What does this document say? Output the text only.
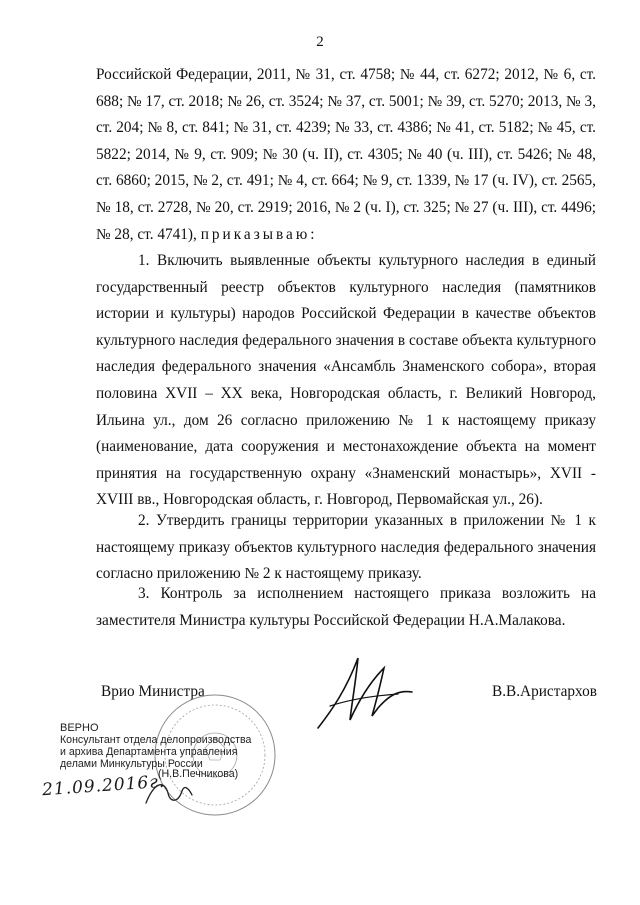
2

Российской Федерации, 2011, № 31, ст. 4758; № 44, ст. 6272; 2012, № 6, ст. 688; № 17, ст. 2018; № 26, ст. 3524; № 37, ст. 5001; № 39, ст. 5270; 2013, № 3, ст. 204; № 8, ст. 841; № 31, ст. 4239; № 33, ст. 4386; № 41, ст. 5182; № 45, ст. 5822; 2014, № 9, ст. 909; № 30 (ч. II), ст. 4305; № 40 (ч. III), ст. 5426; № 48, ст. 6860; 2015, № 2, ст. 491; № 4, ст. 664; № 9, ст. 1339, № 17 (ч. IV), ст. 2565, № 18, ст. 2728, № 20, ст. 2919; 2016, № 2 (ч. I), ст. 325; № 27 (ч. III), ст. 4496; № 28, ст. 4741), приказываю:

1. Включить выявленные объекты культурного наследия в единый государственный реестр объектов культурного наследия (памятников истории и культуры) народов Российской Федерации в качестве объектов культурного наследия федерального значения в составе объекта культурного наследия федерального значения «Ансамбль Знаменского собора», вторая половина XVII – XX века, Новгородская область, г. Великий Новгород, Ильина ул., дом 26 согласно приложению № 1 к настоящему приказу (наименование, дата сооружения и местонахождение объекта на момент принятия на государственную охрану «Знаменский монастырь», XVII - XVIII вв., Новгородская область, г. Новгород, Первомайская ул., 26).

2. Утвердить границы территории указанных в приложении № 1 к настоящему приказу объектов культурного наследия федерального значения согласно приложению № 2 к настоящему приказу.

3. Контроль за исполнением настоящего приказа возложить на заместителя Министра культуры Российской Федерации Н.А.Малакова.

Врио Министра	В.В.Аристархов
ВЕРНО
Консультант отдела делопроизводства
и архива Департамента управления
делами Минкультуры России
(Н.В.Печникова)
21.09.2016г.
